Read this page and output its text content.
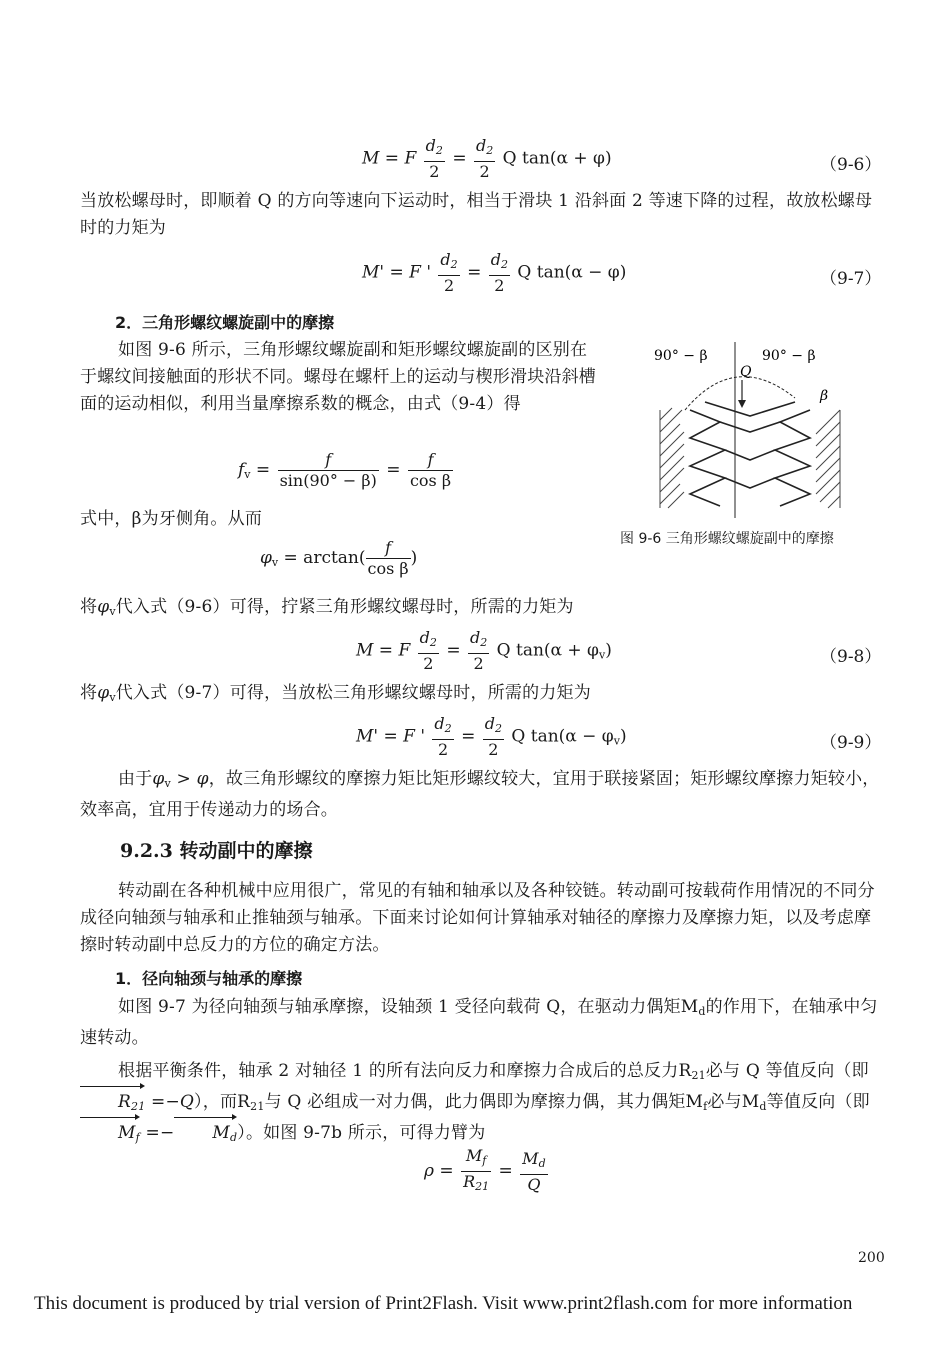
M = F $\frac{d_2}{2} = \frac{d_2}{2}$ Q tan(α + φ)	（9-6）
当放松螺母时，即顺着 Q 的方向等速向下运动时，相当于滑块 1 沿斜面 2 等速下降的过程，故放松螺母时的力矩为
M' = F ' $\frac{d_2}{2} = \frac{d_2}{2}$ Q tan(α − φ)	（9-7）
2．三角形螺纹螺旋副中的摩擦
如图 9-6 所示，三角形螺纹螺旋副和矩形螺纹螺旋副的区别在于螺纹间接触面的形状不同。螺母在螺杆上的运动与楔形滑块沿斜槽面的运动相似，利用当量摩擦系数的概念，由式（9-4）得
$f_v = \frac{f}{\sin(90^\circ - \beta)} = \frac{f}{\text{cos β}}$
式中，β为牙侧角。从而
$\varphi_v = \arctan( \frac{f}{\text{cos β}}$ )
90° − β	90° − β
Q
β
图 9-6 三角形螺纹螺旋副中的摩擦
将$\varphi_v$代入式（9-6）可得，拧紧三角形螺纹螺母时，所需的力矩为
M = F $\frac{d_2}{2} = \frac{d_2}{2}$ Q $\tan(\alpha + \varphi_v)$	（9-8）
将$\varphi_v$代入式（9-7）可得，当放松三角形螺纹螺母时，所需的力矩为
M' = F ' $\frac{d_2}{2} = \frac{d_2}{2}$ Q $\tan(\alpha - \varphi_v)$	（9-9）
由于$\varphi_v > \varphi$，故三角形螺纹的摩擦力矩比矩形螺纹较大，宜用于联接紧固；矩形螺纹摩擦力矩较小，效率高，宜用于传递动力的场合。
9.2.3 转动副中的摩擦
转动副在各种机械中应用很广，常见的有轴和轴承以及各种铰链。转动副可按载荷作用情况的不同分成径向轴颈与轴承和止推轴颈与轴承。下面来讨论如何计算轴承对轴径的摩擦力及摩擦力矩，以及考虑摩擦时转动副中总反力的方位的确定方法。
1．径向轴颈与轴承的摩擦
如图 9-7 为径向轴颈与轴承摩擦，设轴颈 1 受径向载荷 Q，在驱动力偶矩$M_d$的作用下，在轴承中匀速转动。
根据平衡条件，轴承 2 对轴径 1 的所有法向反力和摩擦力合成后的总反力$R_{21}$必与 Q 等值反向（即$R_{21} =-Q$），而$R_{21}$与 Q 必组成一对力偶，此力偶即为摩擦力偶，其力偶矩$M_f$必与$M_d$等值反向（即$M_f =- M_d$）。如图 9-7b 所示，可得力臂为
$\rho = \frac{M_f}{R_{21}} = \frac{M_d}{Q}$
200
This document is produced by trial version of Print2Flash. Visit www.print2flash.com for more information
